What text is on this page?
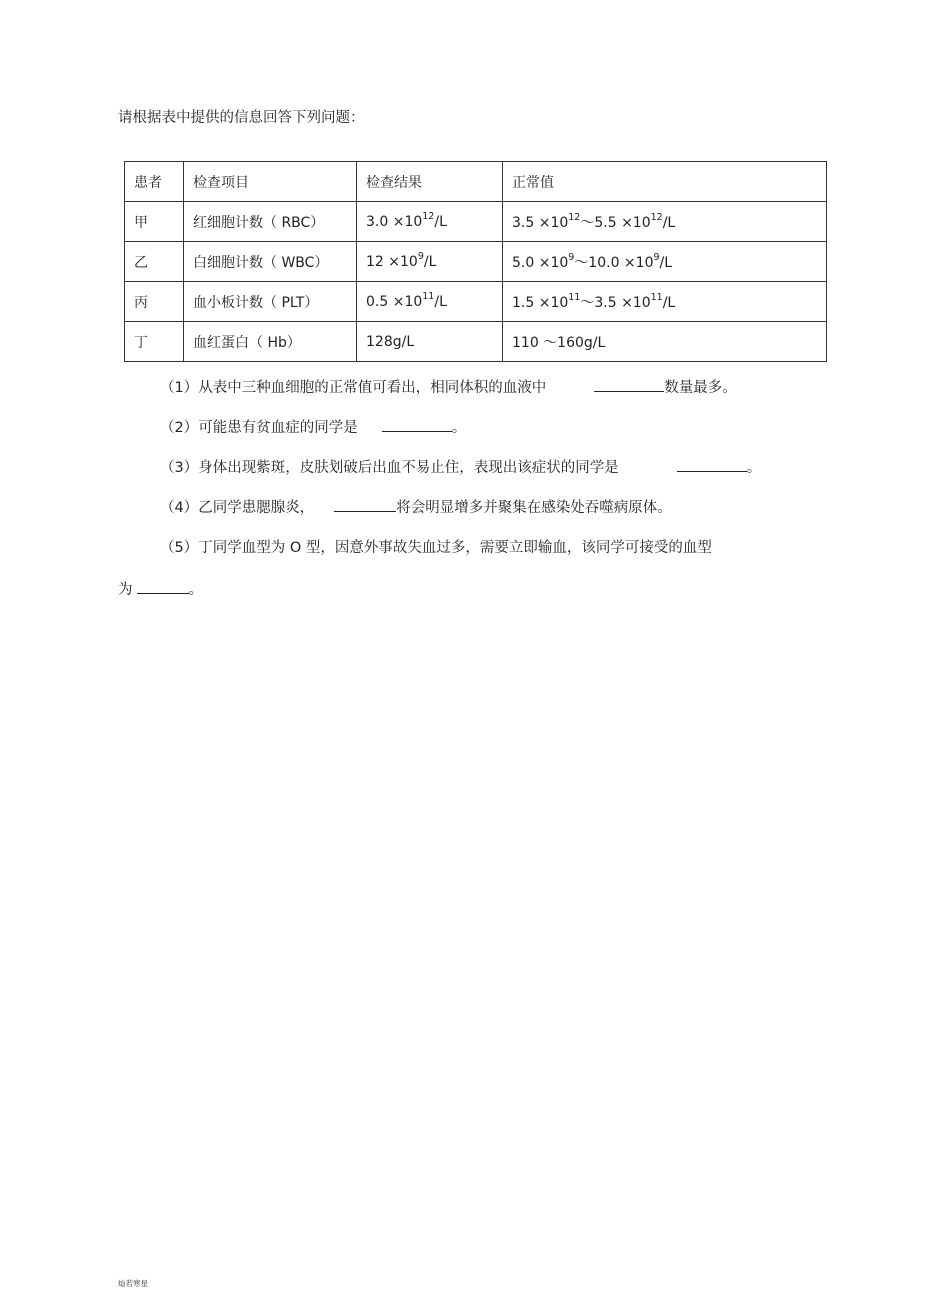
请根据表中提供的信息回答下列问题：
患者	检查项目	检查结果	正常值
甲	红细胞计数（ RBC）	$3.0 \times 10^{12}/L$	$3.5 \times 10^{12}\sim 5.5 \times 10^{12}/L$
乙	白细胞计数（ WBC）	$12 \times 10^9/L$	$5.0 \times 10^9\sim 10.0 \times 10^9/L$
丙	血小板计数（ PLT）	$0.5 \times 10^{11}/L$	$1.5 \times 10^{11}\sim 3.5 \times 10^{11}/L$
丁	血红蛋白（ Hb）	128g/L	110 ～160g/L
（1）从表中三种血细胞的正常值可看出，相同体积的血液中	数量最多。
（2）可能患有贫血症的同学是	。
（3）身体出现紫斑，皮肤划破后出血不易止住，表现出该症状的同学是	。
（4）乙同学患腮腺炎，	将会明显增多并聚集在感染处吞噬病原体。
（5）丁同学血型为 O 型，因意外事故失血过多，需要立即输血，该同学可接受的血型
为	。
灿若寒星
